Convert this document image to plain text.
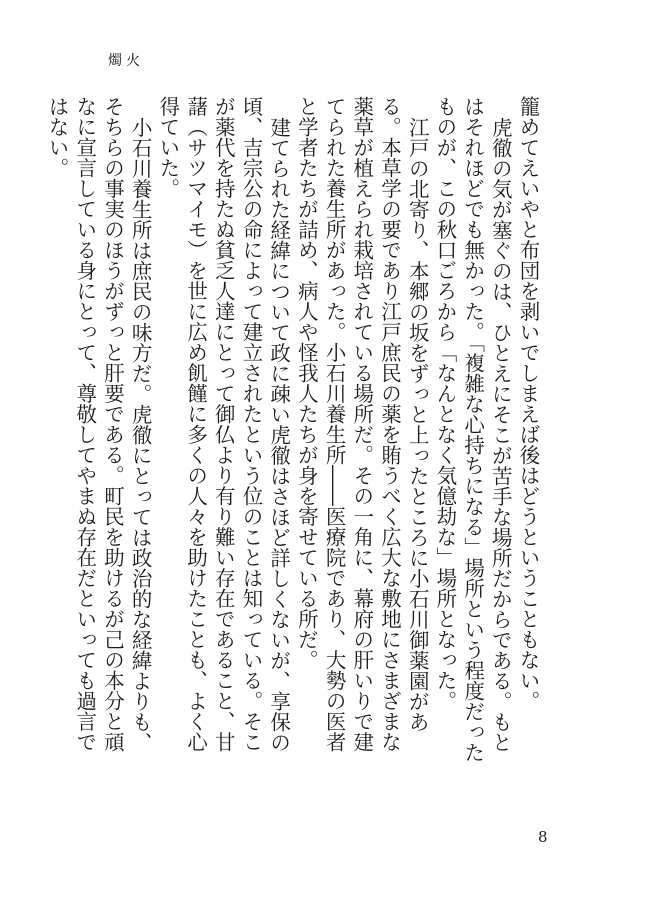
燭火

籠めてえいやと布団を剥いでしまえば後はどうということもない。

虎徹の気が塞ぐのは、ひとえにそこが苦手な場所だからである。もとはそれほどでも無かった。「複雑な心持ちになる」場所という程度だったものが、この秋口ごろから「なんとなく気億劫な」場所となった。

江戸の北寄り、本郷の坂をずっと上ったところに小石川御薬園がある。本草学の要であり江戸庶民の薬を賄うべく広大な敷地にさまざまな薬草が植えられ栽培されている場所だ。その一角に、幕府の肝いりで建てられた養生所があった。小石川養生所――医療院であり、大勢の医者と学者たちが詰め、病人や怪我人たちが身を寄せている所だ。

建てられた経緯について政に疎い虎徹はさほど詳しくないが、享保の頃、吉宗公の命によって建立されたという位のことは知っている。そこが薬代を持たぬ貧乏人達にとって御仏より有り難い存在であること、甘藷（サツマイモ）を世に広め飢饉に多くの人々を助けたことも、よく心得ていた。

小石川養生所は庶民の味方だ。虎徹にとっては政治的な経緯よりも、そちらの事実のほうがずっと肝要である。町民を助けるが己の本分と頑なに宣言している身にとって、尊敬してやまぬ存在だといっても過言ではない。

8
